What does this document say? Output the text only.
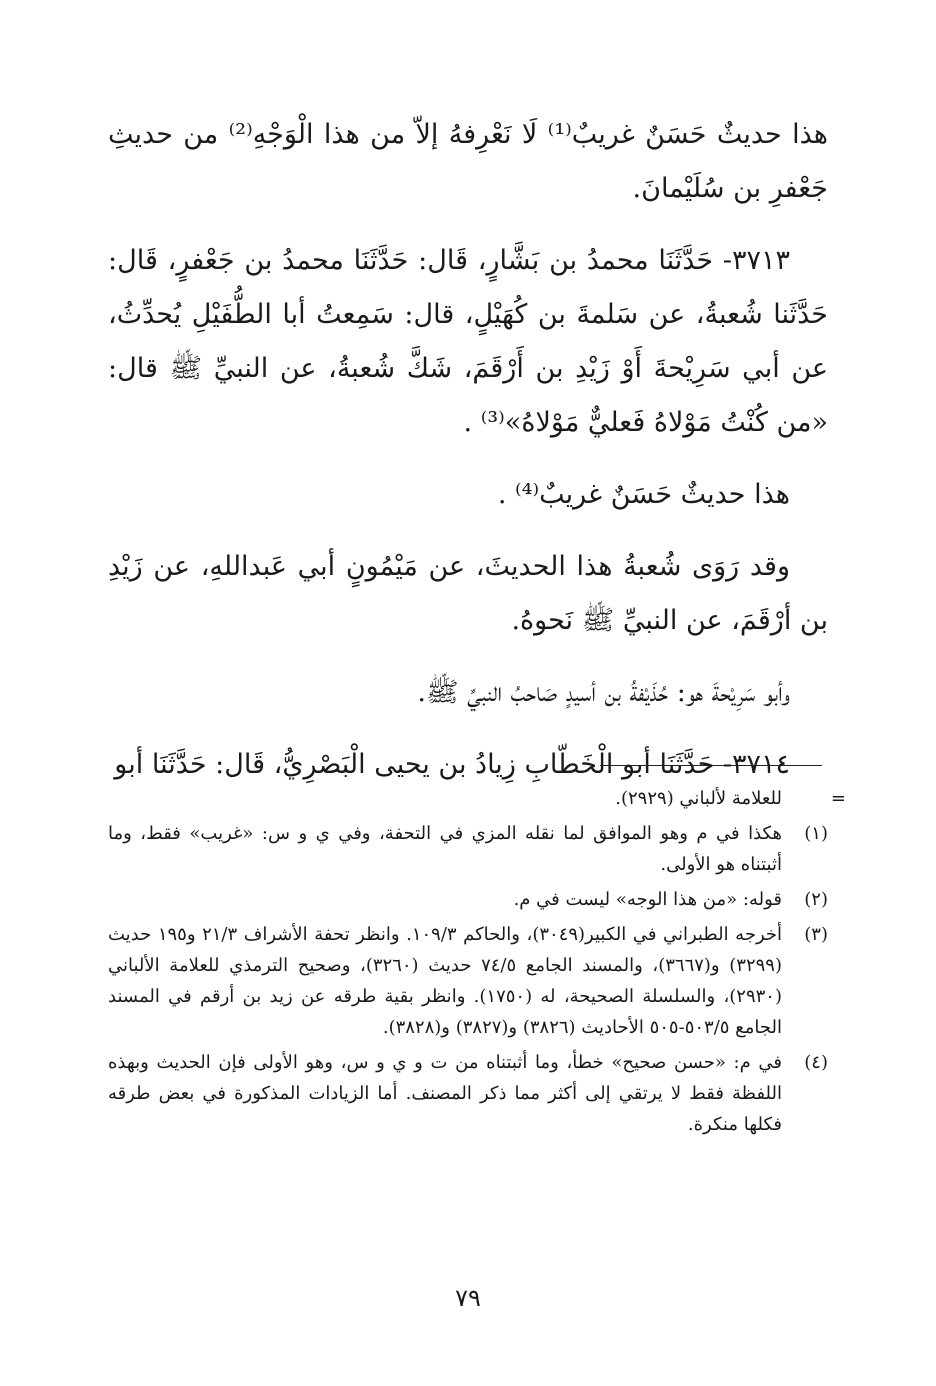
هذا حديثٌ حَسَنٌ غريبٌ⁽¹⁾ لَا نَعْرِفهُ إلاّ من هذا الْوَجْهِ⁽²⁾ من حديثِ جَعْفرِ بن سُلَيْمانَ.

٣٧١٣- حَدَّثَنَا محمدُ بن بَشَّارٍ، قَال: حَدَّثَنَا محمدُ بن جَعْفرٍ، قَال: حَدَّثَنا شُعبةُ، عن سَلمةَ بن كُهَيْلٍ، قال: سَمِعتُ أبا الطُّفَيْلِ يُحدِّثُ، عن أبي سَرِيْحةَ أَوْ زَيْدِ بن أَرْقَمَ، شَكَّ شُعبةُ، عن النبيِّ ﷺ قال: «من كُنْتُ مَوْلاهُ فَعليٌّ مَوْلاهُ»⁽³⁾ .

هذا حديثٌ حَسَنٌ غريبٌ⁽⁴⁾ .

وقد رَوَى شُعبةُ هذا الحديثَ، عن مَيْمُونٍ أبي عَبداللهِ، عن زَيْدِ بن أرْقَمَ، عن النبيِّ ﷺ نَحوهُ.

وأبو سَرِيْحةَ هو: حُذَيْفةُ بن أسيدٍ صَاحبُ النبيِّ ﷺ.

٣٧١٤- حَدَّثَنَا أبو الْخَطّابِ زِيادُ بن يحيى الْبَصْرِيُّ، قَال: حَدَّثَنَا أبو

=
للعلامة لألباني (٢٩٢٩).
(١)
هكذا في م وهو الموافق لما نقله المزي في التحفة، وفي ي و س: «غريب» فقط، وما أثبتناه هو الأولى.
(٢)
قوله: «من هذا الوجه» ليست في م.
(٣)
أخرجه الطبراني في الكبير(٣٠٤٩)، والحاكم ١٠٩/٣. وانظر تحفة الأشراف ٢١/٣ و١٩٥ حديث (٣٢٩٩) و(٣٦٦٧)، والمسند الجامع ٧٤/٥ حديث (٣٢٦٠)، وصحيح الترمذي للعلامة الألباني (٢٩٣٠)، والسلسلة الصحيحة، له (١٧٥٠). وانظر بقية طرقه عن زيد بن أرقم في المسند الجامع ٥٠٣/٥-٥٠٥ الأحاديث (٣٨٢٦) و(٣٨٢٧) و(٣٨٢٨).
(٤)
في م: «حسن صحيح» خطأ، وما أثبتناه من ت و ي و س، وهو الأولى فإن الحديث وبهذه اللفظة فقط لا يرتقي إلى أكثر مما ذكر المصنف. أما الزيادات المذكورة في بعض طرقه فكلها منكرة.
٧٩
